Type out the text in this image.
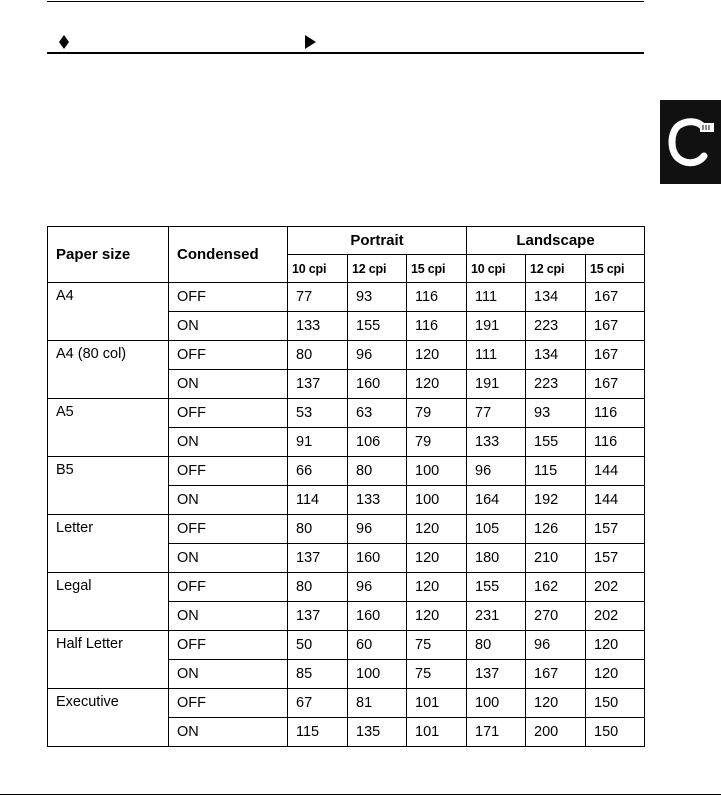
Paper size	Condensed	Portrait			Landscape		
		10 cpi	12 cpi	15 cpi	10 cpi	12 cpi	15 cpi
A4	OFF	77	93	116	111	134	167
	ON	133	155	116	191	223	167
A4 (80 col)	OFF	80	96	120	111	134	167
	ON	137	160	120	191	223	167
A5	OFF	53	63	79	77	93	116
	ON	91	106	79	133	155	116
B5	OFF	66	80	100	96	115	144
	ON	114	133	100	164	192	144
Letter	OFF	80	96	120	105	126	157
	ON	137	160	120	180	210	157
Legal	OFF	80	96	120	155	162	202
	ON	137	160	120	231	270	202
Half Letter	OFF	50	60	75	80	96	120
	ON	85	100	75	137	167	120
Executive	OFF	67	81	101	100	120	150
	ON	115	135	101	171	200	150
